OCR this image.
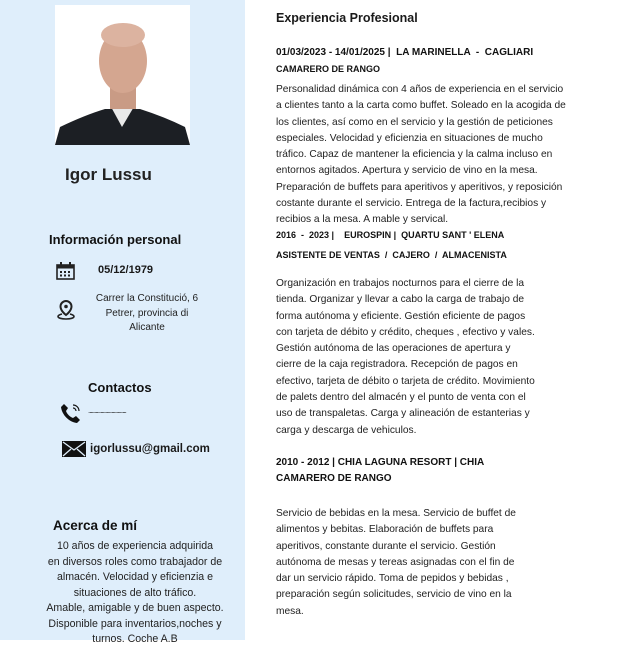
Igor Lussu
Información personal
05/12/1979
Carrer la Constitució, 6
Petrer, provincia di
Alicante
Contactos
...............................
igorlussu@gmail.com
Acerca de mí
10 años de experiencia adquirida
en diversos roles como trabajador de
almacén. Velocidad y eficienzia e
situaciones de alto tráfico.
Amable, amigable y de buen aspecto.
Disponible para inventarios,noches y
turnos. Coche A.B
Experiencia Profesional
01/03/2023 - 14/01/2025 |  LA MARINELLA  -  CAGLIARI
CAMARERO DE RANGO
Personalidad dinámica con 4 años de experiencia en el servicio
a clientes tanto a la carta como buffet. Soleado en la acogida de
los clientes, así como en el servicio y la gestión de peticiones
especiales. Velocidad y eficienzia en situaciones de mucho
tráfico. Capaz de mantener la eficiencia y la calma incluso en
entornos agitados. Apertura y servicio de vino en la mesa.
Preparación de buffets para aperitivos y aperitivos, y reposición
costante durante el servicio. Entrega de la factura,recibios y
recibios a la mesa. A mable y servical.
2016  -  2023 |    EUROSPIN |  QUARTU SANT ' ELENA
ASISTENTE DE VENTAS  /  CAJERO  /  ALMACENISTA
Organización en trabajos nocturnos para el cierre de la
tienda. Organizar y llevar a cabo la carga de trabajo de
forma autónoma y eficiente. Gestión eficiente de pagos
con tarjeta de débito y crédito, cheques , efectivo y vales.
Gestión autónoma de las operaciones de apertura y
cierre de la caja registradora. Recepción de pagos en
efectivo, tarjeta de débito o tarjeta de crédito. Movimiento
de palets dentro del almacén y el punto de venta con el
uso de transpaletas. Carga y alineación de estanterias y
carga y descarga de vehiculos.
2010 - 2012 | CHIA LAGUNA RESORT | CHIA
CAMARERO DE RANGO
Servicio de bebidas en la mesa. Servicio de buffet de
alimentos y bebitas. Elaboración de buffets para
aperitivos, constante durante el servicio. Gestión
autónoma de mesas y tereas asignadas con el fin de
dar un servicio rápido. Toma de pepidos y bebidas ,
preparación según solicitudes, servicio de vino en la
mesa.
